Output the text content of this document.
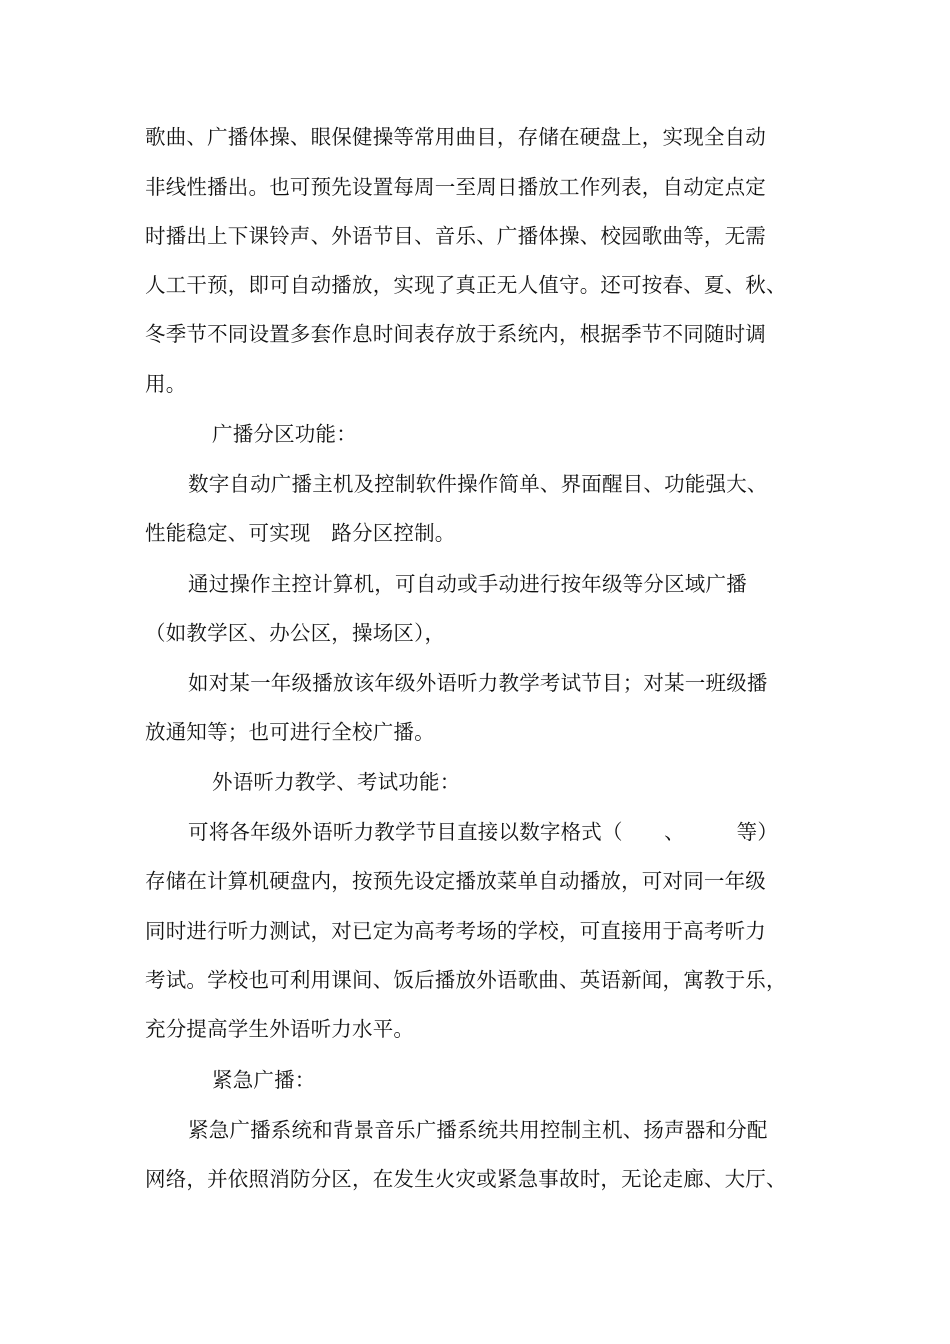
歌曲、广播体操、眼保健操等常用曲目，存储在硬盘上，实现全自动
非线性播出。也可预先设置每周一至周日播放工作列表，自动定点定
时播出上下课铃声、外语节目、音乐、广播体操、校园歌曲等，无需
人工干预，即可自动播放，实现了真正无人值守。还可按春、夏、秋、
冬季节不同设置多套作息时间表存放于系统内，根据季节不同随时调
用。
广播分区功能：
数字自动广播主机及控制软件操作简单、界面醒目、功能强大、
性能稳定、可实现　路分区控制。
通过操作主控计算机，可自动或手动进行按年级等分区域广播
（如教学区、办公区，操场区），
如对某一年级播放该年级外语听力教学考试节目；对某一班级播
放通知等；也可进行全校广播。
外语听力教学、考试功能：
可将各年级外语听力教学节目直接以数字格式（　　、　　　等）
存储在计算机硬盘内，按预先设定播放菜单自动播放，可对同一年级
同时进行听力测试，对已定为高考考场的学校，可直接用于高考听力
考试。学校也可利用课间、饭后播放外语歌曲、英语新闻，寓教于乐，
充分提高学生外语听力水平。
紧急广播：
紧急广播系统和背景音乐广播系统共用控制主机、扬声器和分配
网络，并依照消防分区，在发生火灾或紧急事故时，无论走廊、大厅、
